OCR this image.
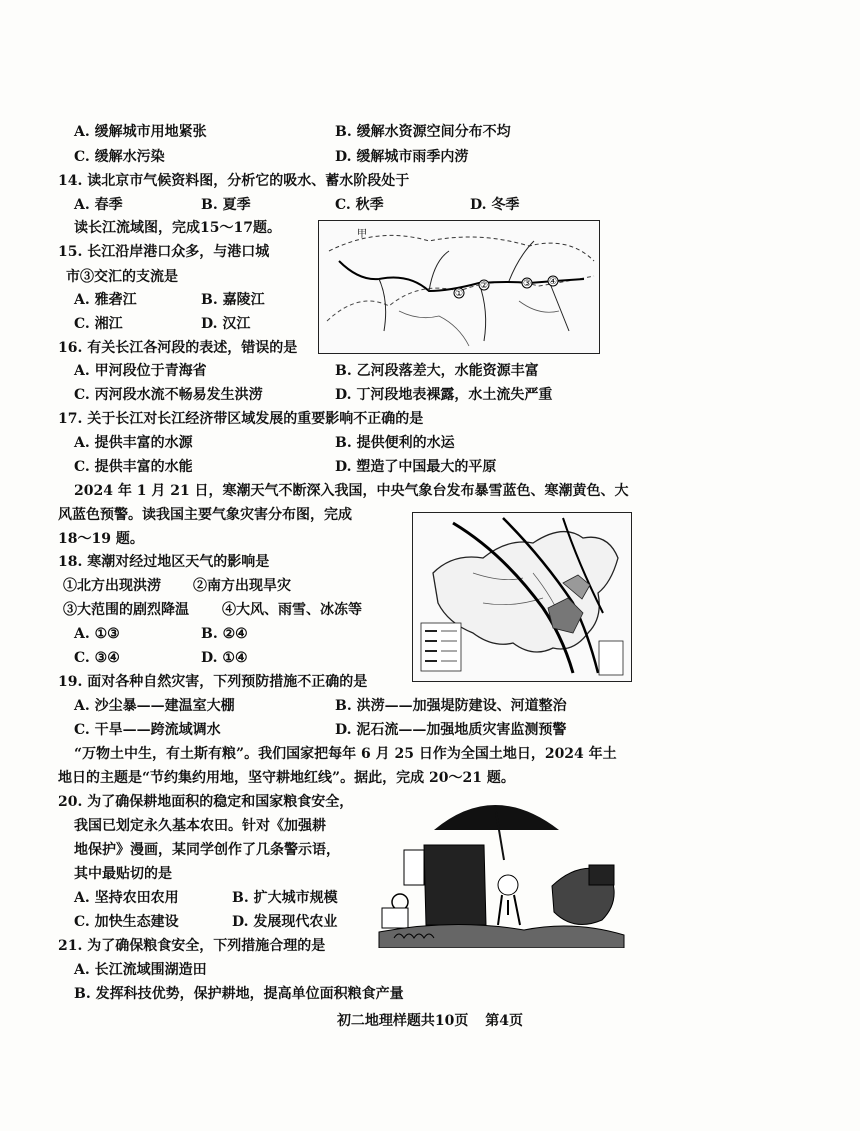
A. 缓解城市用地紧张	B. 缓解水资源空间分布不均
C. 缓解水污染	D. 缓解城市雨季内涝
14. 读北京市气候资料图，分析它的吸水、蓄水阶段处于
A. 春季	B. 夏季	C. 秋季	D. 冬季
读长江流域图，完成15～17题。	甲
①
②	③ ④
15. 长江沿岸港口众多，与港口城
市③交汇的支流是
A. 雅砻江	B. 嘉陵江
C. 湘江	D. 汉江
16. 有关长江各河段的表述，错误的是
A. 甲河段位于青海省	B. 乙河段落差大，水能资源丰富
C. 丙河段水流不畅易发生洪涝	D. 丁河段地表裸露，水土流失严重
17. 关于长江对长江经济带区域发展的重要影响不正确的是
A. 提供丰富的水源	B. 提供便利的水运
C. 提供丰富的水能	D. 塑造了中国最大的平原
2024 年 1 月 21 日，寒潮天气不断深入我国，中央气象台发布暴雪蓝色、寒潮黄色、大
风蓝色预警。读我国主要气象灾害分布图，完成
18～19 题。
18. 寒潮对经过地区天气的影响是
①北方出现洪涝 ②南方出现旱灾
③大范围的剧烈降温 ④大风、雨雪、冰冻等
A. ①③	B. ②④
C. ③④	D. ①④
19. 面对各种自然灾害，下列预防措施不正确的是
A. 沙尘暴——建温室大棚	B. 洪涝——加强堤防建设、河道整治
C. 干旱——跨流域调水	D. 泥石流——加强地质灾害监测预警
“万物土中生，有土斯有粮”。我们国家把每年 6 月 25 日作为全国土地日，2024 年土
地日的主题是“节约集约用地，坚守耕地红线”。据此，完成 20～21 题。
20. 为了确保耕地面积的稳定和国家粮食安全，
我国已划定永久基本农田。针对《加强耕
地保护》漫画，某同学创作了几条警示语，
其中最贴切的是
A. 坚持农田农用	B. 扩大城市规模
C. 加快生态建设	D. 发展现代农业
21. 为了确保粮食安全，下列措施合理的是
A. 长江流域围湖造田
B. 发挥科技优势，保护耕地，提高单位面积粮食产量
初二地理样题共10页 第4页
